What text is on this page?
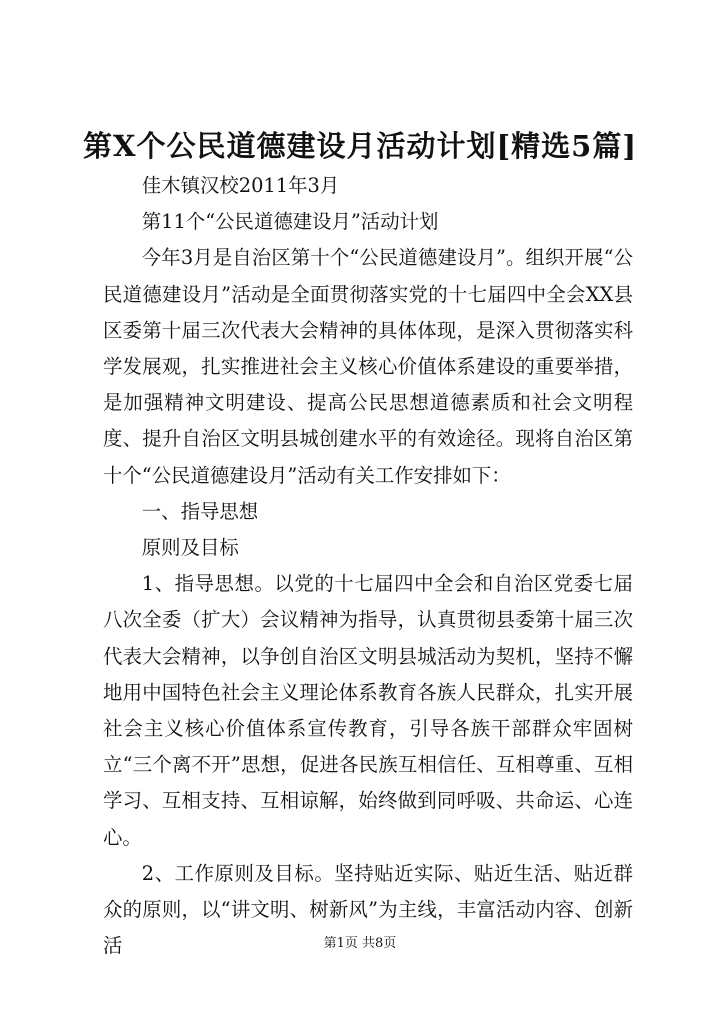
第X个公民道德建设月活动计划[精选5篇]

佳木镇汉校2011年3月

第11个“公民道德建设月”活动计划

今年3月是自治区第十个“公民道德建设月”。组织开展“公民道德建设月”活动是全面贯彻落实党的十七届四中全会XX县区委第十届三次代表大会精神的具体体现，是深入贯彻落实科学发展观，扎实推进社会主义核心价值体系建设的重要举措，是加强精神文明建设、提高公民思想道德素质和社会文明程度、提升自治区文明县城创建水平的有效途径。现将自治区第十个“公民道德建设月”活动有关工作安排如下：

一、指导思想

原则及目标

1、指导思想。以党的十七届四中全会和自治区党委七届八次全委（扩大）会议精神为指导，认真贯彻县委第十届三次代表大会精神，以争创自治区文明县城活动为契机，坚持不懈地用中国特色社会主义理论体系教育各族人民群众，扎实开展社会主义核心价值体系宣传教育，引导各族干部群众牢固树立“三个离不开”思想，促进各民族互相信任、互相尊重、互相学习、互相支持、互相谅解，始终做到同呼吸、共命运、心连心。

2、工作原则及目标。坚持贴近实际、贴近生活、贴近群众的原则，以“讲文明、树新风”为主线，丰富活动内容、创新活	第1页 共8页
